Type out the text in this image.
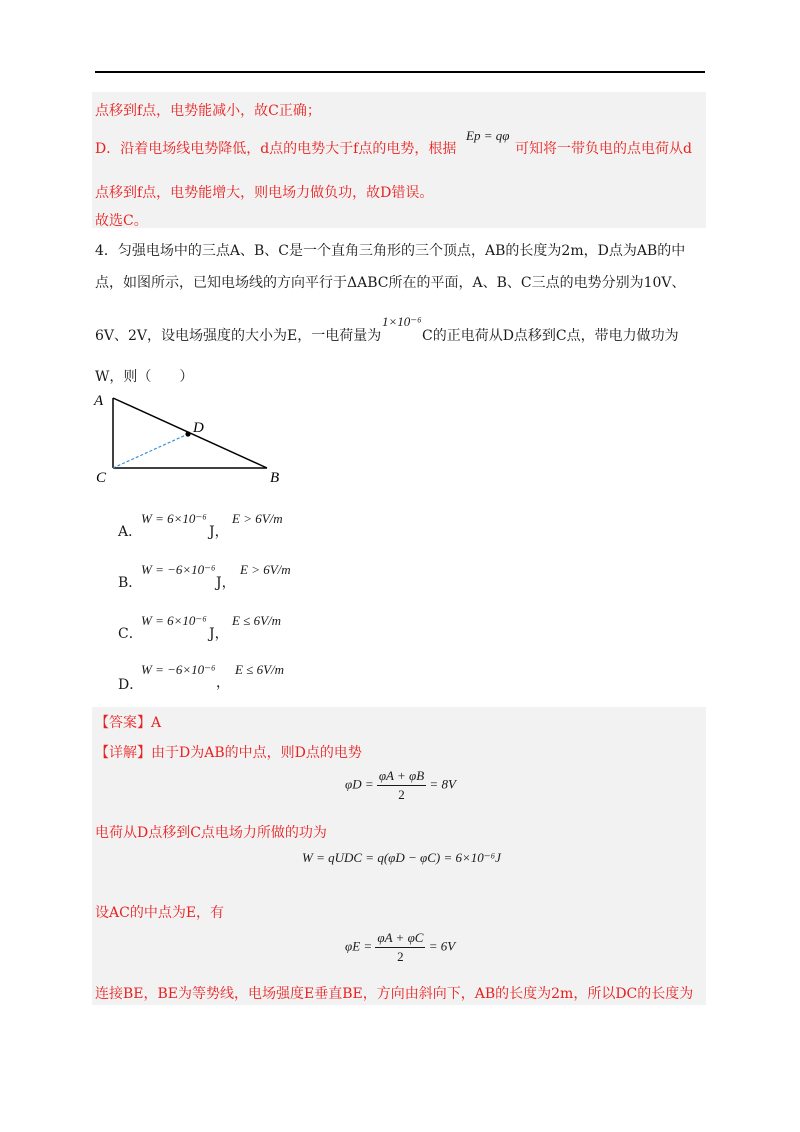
点移到f点，电势能减小，故C正确；
D．沿着电场线电势降低，d点的电势大于f点的电势，根据
Ep = qφ
可知将一带负电的点电荷从d
点移到f点，电势能增大，则电场力做负功，故D错误。
故选C。
4．匀强电场中的三点A、B、C是一个直角三角形的三个顶点，AB的长度为2m，D点为AB的中
点，如图所示，已知电场线的方向平行于ΔABC所在的平面，A、B、C三点的电势分别为10V、
6V、2V，设电场强度的大小为E，一电荷量为
1×10⁻⁶
C的正电荷从D点移到C点，带电力做功为
W，则（　　）
A
D
C	B
A．
W = 6×10⁻⁶
J，
E > 6V/m
B．
W = −6×10⁻⁶
J，
E > 6V/m
C．
W = 6×10⁻⁶
J，
E ≤ 6V/m
D．
W = −6×10⁻⁶
，
E ≤ 6V/m
【答案】A
【详解】由于D为AB的中点，则D点的电势
$\varphi D = \frac{\varphi A + \varphi B}{2} = 8V$
电荷从D点移到C点电场力所做的功为
W = qUDC = q(φD − φC) = 6×10⁻⁶J
设AC的中点为E，有
$\varphi E = \frac{\varphi A + \varphi C}{2} = 6V$
连接BE，BE为等势线，电场强度E垂直BE，方向由斜向下，AB的长度为2m，所以DC的长度为
